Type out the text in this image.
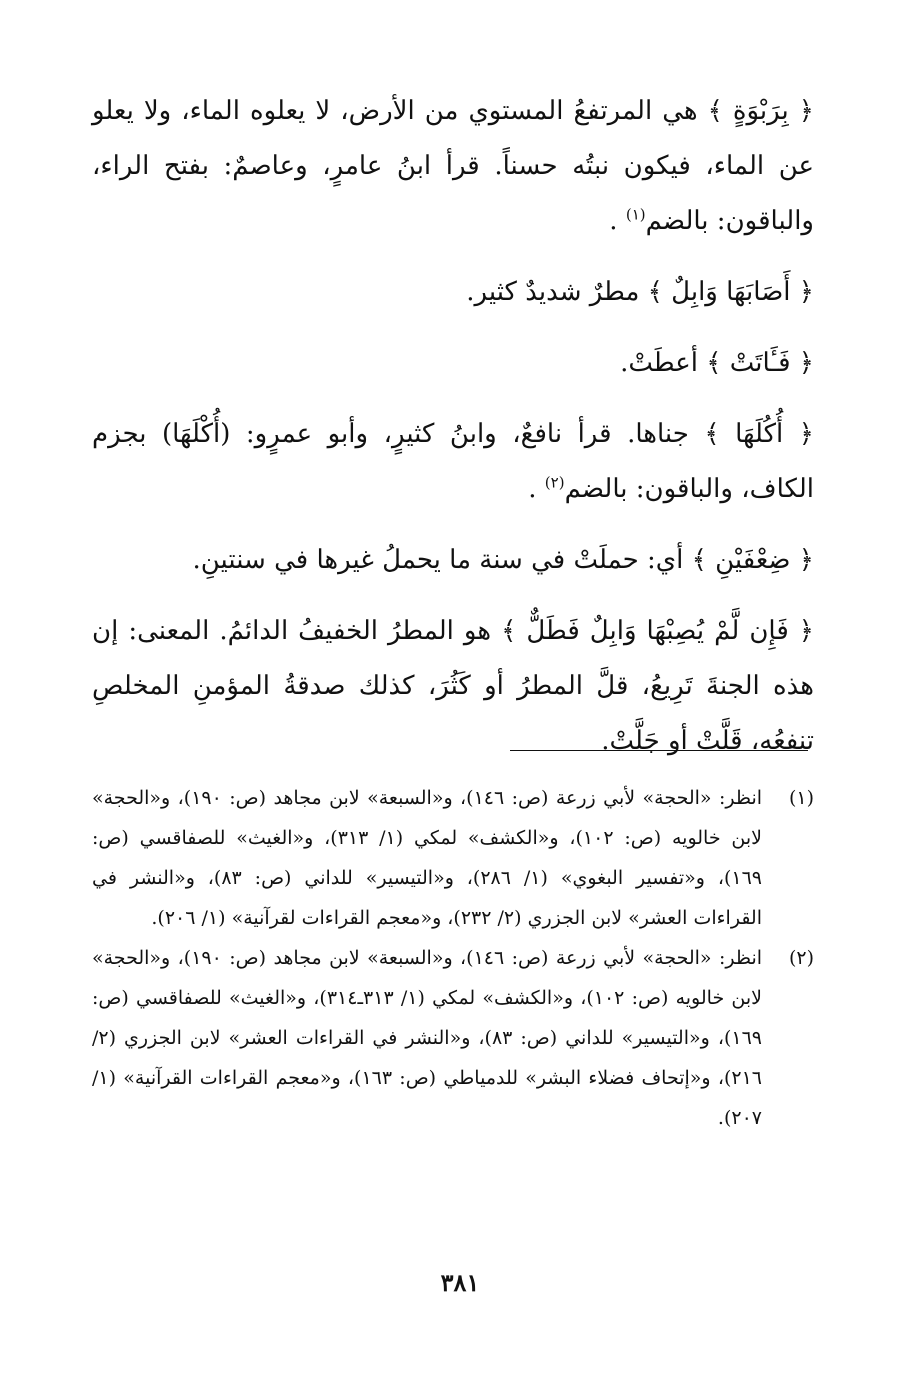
﴿ بِرَبْوَةٍ ﴾ هي المرتفعُ المستوي من الأرض، لا يعلوه الماء، ولا يعلو عن الماء، فيكون نبتُه حسناً. قرأ ابنُ عامرٍ، وعاصمٌ: بفتح الراء، والباقون: بالضم$^{(١)}$ .

﴿ أَصَابَهَا وَابِلٌ ﴾ مطرٌ شديدٌ كثير.

﴿ فَـَٔاتَتْ ﴾ أعطَتْ.

﴿ أُكُلَهَا ﴾ جناها. قرأ نافعٌ، وابنُ كثيرٍ، وأبو عمرٍو: (أُكْلَهَا) بجزم الكاف، والباقون: بالضم$^{(٢)}$ .

﴿ ضِعْفَيْنِ ﴾ أي: حملَتْ في سنة ما يحملُ غيرها في سنتينِ.

﴿ فَإِن لَّمْ يُصِبْهَا وَابِلٌ فَطَلٌّ ﴾ هو المطرُ الخفيفُ الدائمُ. المعنى: إن هذه الجنةَ تَرِيعُ، قلَّ المطرُ أو كَثُرَ، كذلك صدقةُ المؤمنِ المخلصِ تنفعُه، قَلَّتْ أو جَلَّتْ.

(١)
انظر: «الحجة» لأبي زرعة (ص: ١٤٦)، و«السبعة» لابن مجاهد (ص: ١٩٠)، و«الحجة» لابن خالويه (ص: ١٠٢)، و«الكشف» لمكي (١/ ٣١٣)، و«الغيث» للصفاقسي (ص: ١٦٩)، و«تفسير البغوي» (١/ ٢٨٦)، و«التيسير» للداني (ص: ٨٣)، و«النشر في القراءات العشر» لابن الجزري (٢/ ٢٣٢)، و«معجم القراءات لقرآنية» (١/ ٢٠٦).
(٢)
انظر: «الحجة» لأبي زرعة (ص: ١٤٦)، و«السبعة» لابن مجاهد (ص: ١٩٠)، و«الحجة» لابن خالويه (ص: ١٠٢)، و«الكشف» لمكي (١/ ٣١٣ـ٣١٤)، و«الغيث» للصفاقسي (ص: ١٦٩)، و«التيسير» للداني (ص: ٨٣)، و«النشر في القراءات العشر» لابن الجزري (٢/ ٢١٦)، و«إتحاف فضلاء البشر» للدمياطي (ص: ١٦٣)، و«معجم القراءات القرآنية» (١/ ٢٠٧).
٣٨١
